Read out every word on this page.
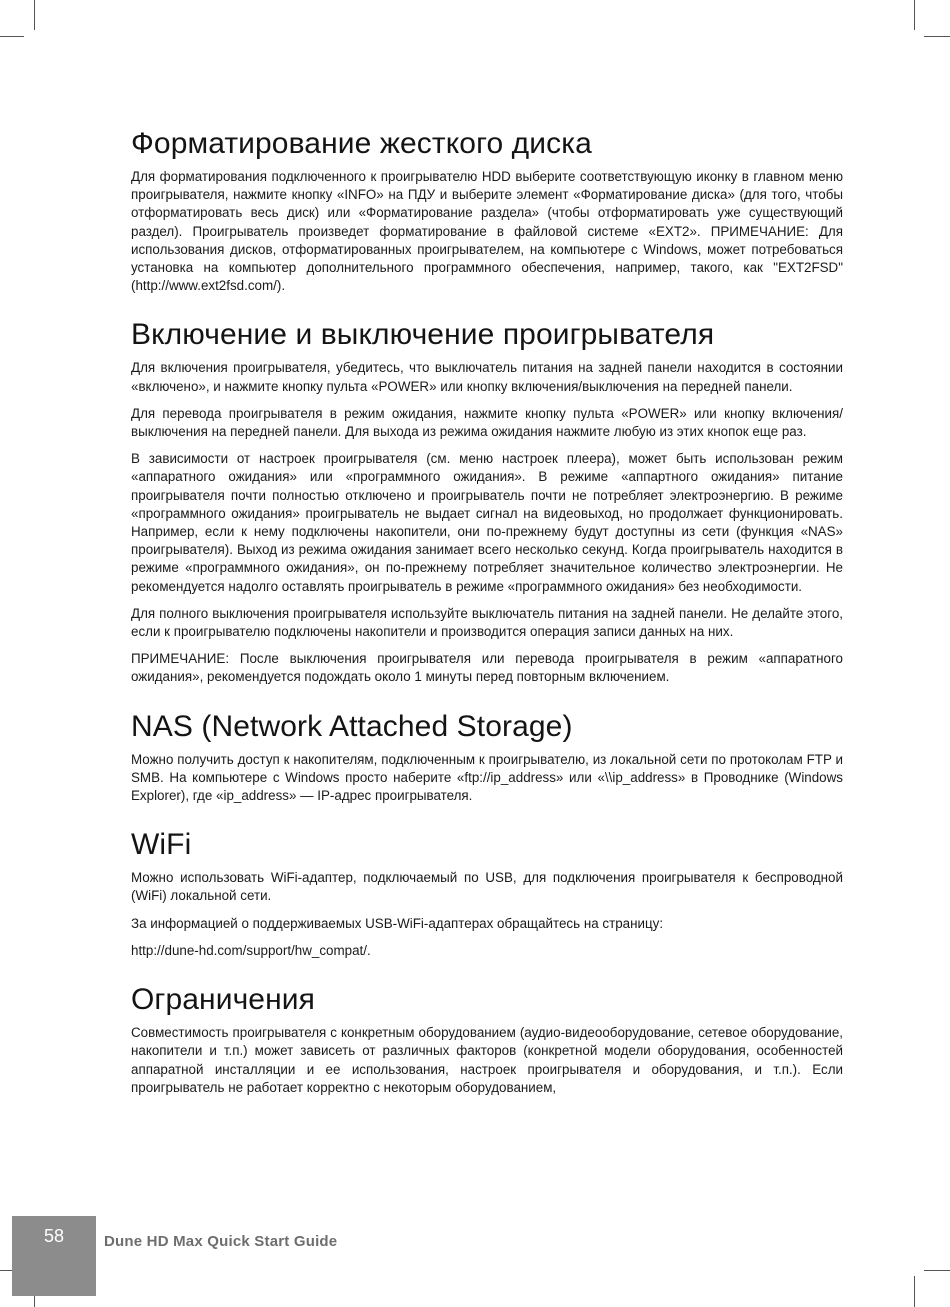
Форматирование жесткого диска

Для форматирования подключенного к проигрывателю HDD выберите соответствующую иконку в главном меню проигрывателя, нажмите кнопку «INFO» на ПДУ и выберите элемент «Форматирование диска» (для того, чтобы отформатировать весь диск) или «Форматирование раздела» (чтобы отформатировать уже существующий раздел). Проигрыватель произведет форматирование в файловой системе «EXT2». ПРИМЕЧАНИЕ: Для использования дисков, отформатированных проигрывателем, на компьютере с Windows, может потребоваться установка на компьютер дополнительного программного обеспечения, например, такого, как "EXT2FSD" (http://www.ext2fsd.com/).

Включение и выключение проигрывателя

Для включения проигрывателя, убедитесь, что выключатель питания на задней панели находится в состоянии «включено», и нажмите кнопку пульта «POWER» или кнопку включения/выключения на передней панели.

Для перевода проигрывателя в режим ожидания, нажмите кнопку пульта «POWER» или кнопку включения/выключения на передней панели. Для выхода из режима ожидания нажмите любую из этих кнопок еще раз.

В зависимости от настроек проигрывателя (см. меню настроек плеера), может быть использован режим «аппаратного ожидания» или «программного ожидания». В режиме «аппартного ожидания» питание проигрывателя почти полностью отключено и проигрыватель почти не потребляет электроэнергию. В режиме «программного ожидания» проигрыватель не выдает сигнал на видеовыход, но продолжает функционировать. Например, если к нему подключены накопители, они по-прежнему будут доступны из сети (функция «NAS» проигрывателя). Выход из режима ожидания занимает всего несколько секунд. Когда проигрыватель находится в режиме «программного ожидания», он по-прежнему потребляет значительное количество электроэнергии. Не рекомендуется надолго оставлять проигрыватель в режиме «программного ожидания» без необходимости.

Для полного выключения проигрывателя используйте выключатель питания на задней панели. Не делайте этого, если к проигрывателю подключены накопители и производится операция записи данных на них.

ПРИМЕЧАНИЕ: После выключения проигрывателя или перевода проигрывателя в режим «аппаратного ожидания», рекомендуется подождать около 1 минуты перед повторным включением.

NAS (Network Attached Storage)

Можно получить доступ к накопителям, подключенным к проигрывателю, из локальной сети по протоколам FTP и SMB. На компьютере с Windows просто наберите «ftp://ip_address» или «\\ip_address» в Проводнике (Windows Explorer), где «ip_address» — IP-адрес проигрывателя.

WiFi

Можно использовать WiFi-адаптер, подключаемый по USB, для подключения проигрывателя к беспроводной (WiFi) локальной сети.

За информацией о поддерживаемых USB-WiFi-адаптерах обращайтесь на страницу:

http://dune-hd.com/support/hw_compat/.

Ограничения

Совместимость проигрывателя с конкретным оборудованием (аудио-видеооборудование, сетевое оборудование, накопители и т.п.) может зависеть от различных факторов (конкретной модели оборудования, особенностей аппаратной инсталляции и ее использования, настроек проигрывателя и оборудования, и т.п.). Если проигрыватель не работает корректно с некоторым оборудованием,

58	Dune HD Max Quick Start Guide
